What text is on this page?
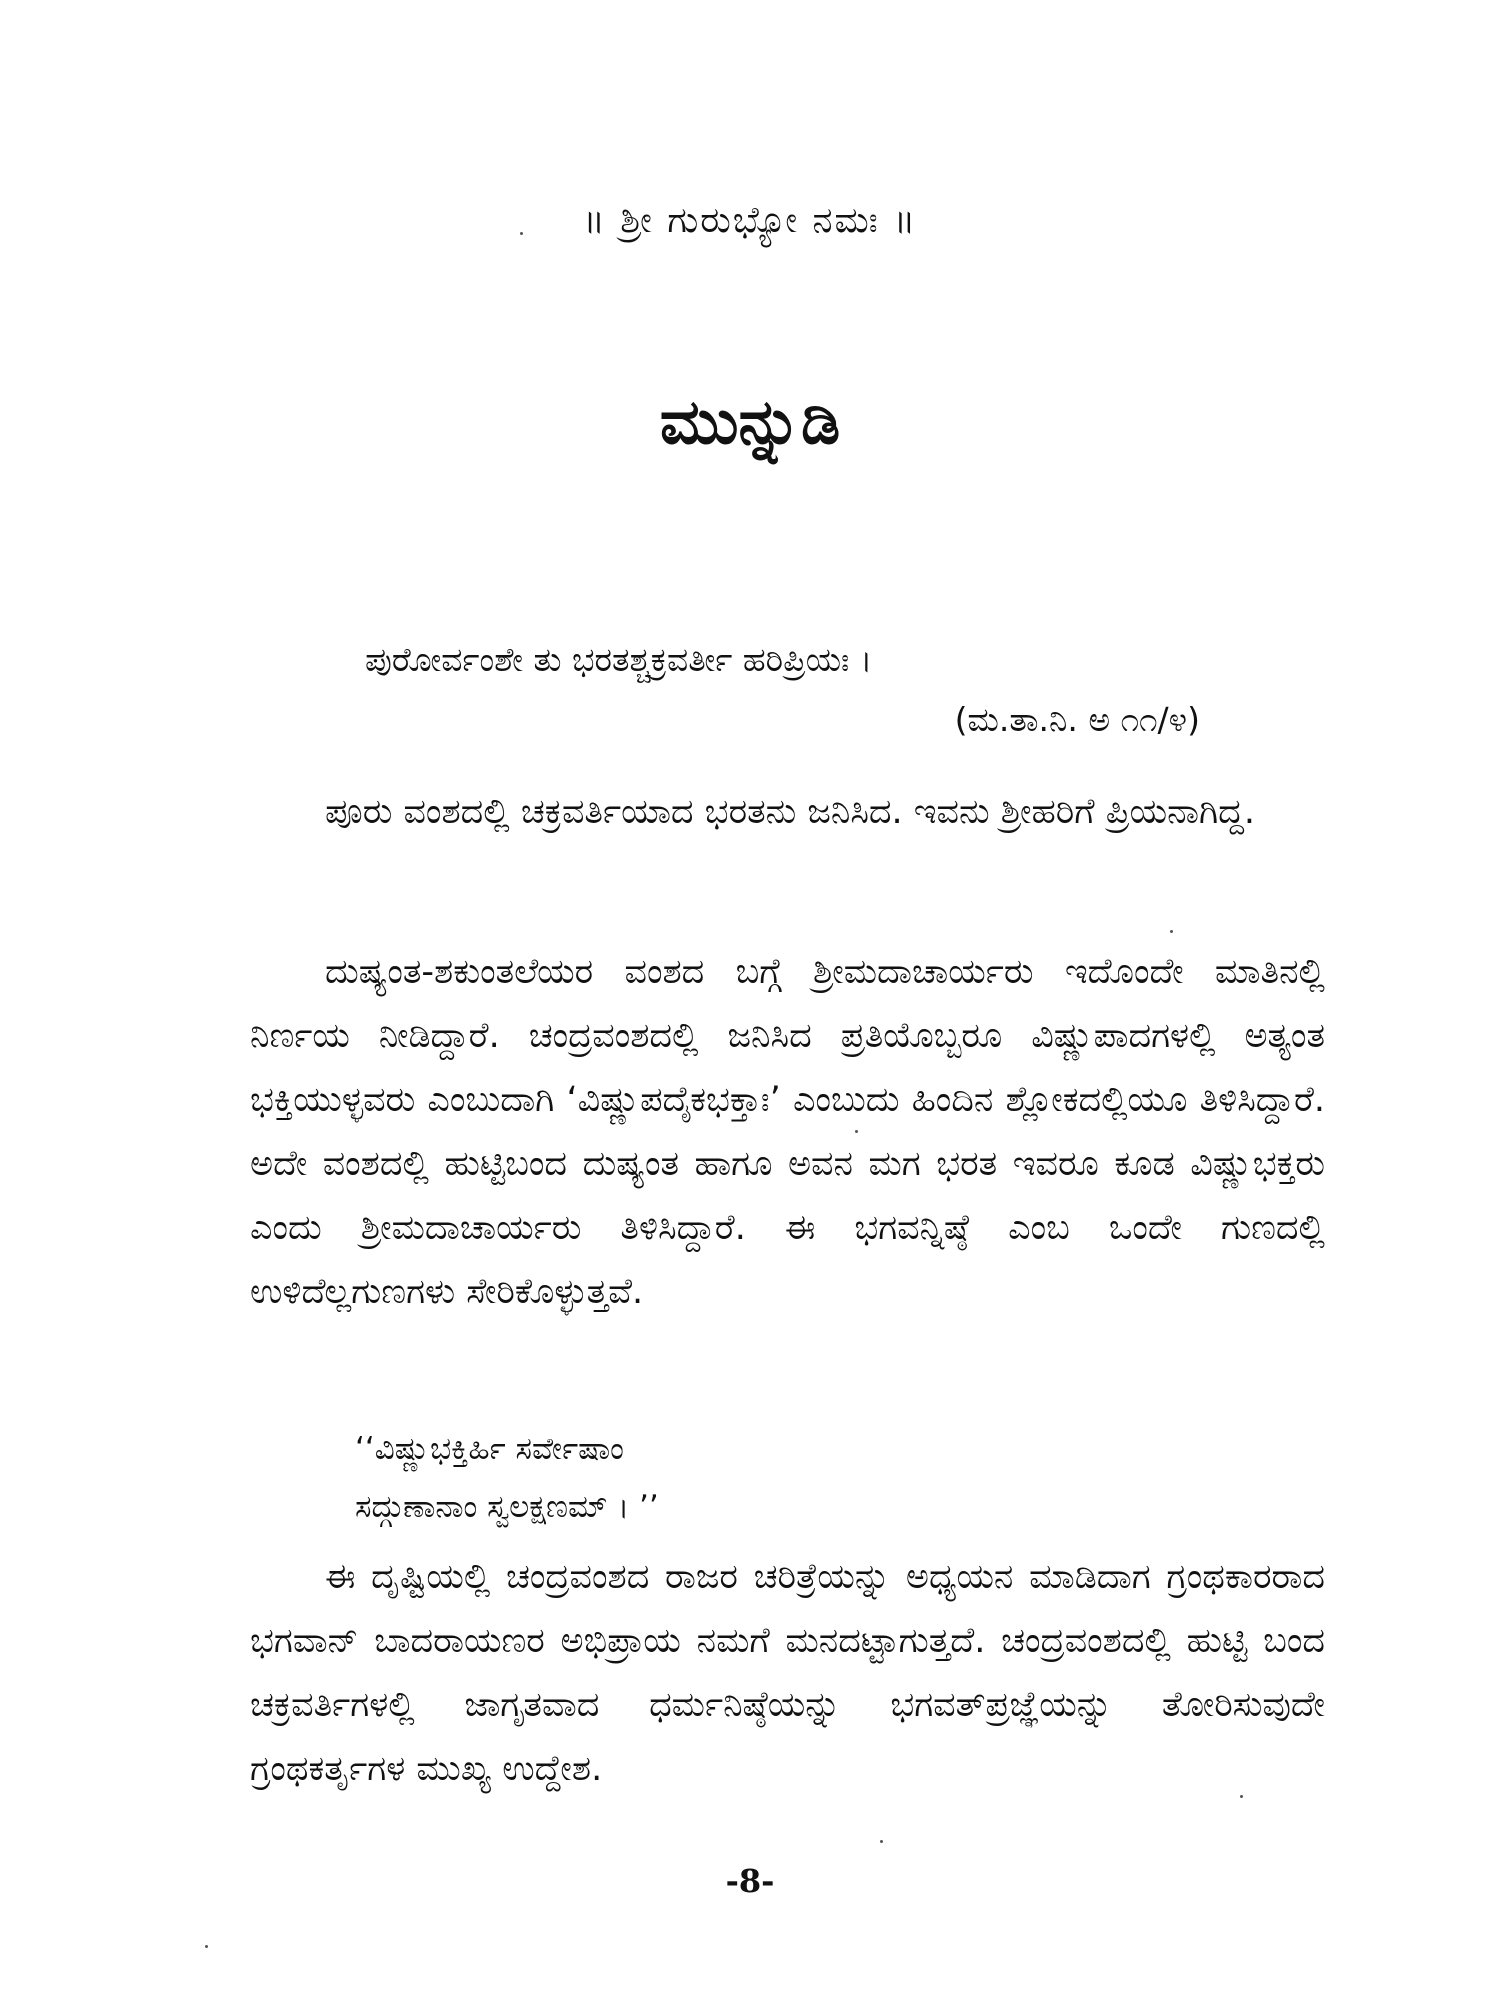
॥ ಶ್ರೀ ಗುರುಭ್ಯೋ ನಮಃ ॥
ಮುನ್ನುಡಿ
ಪುರೋರ್ವಂಶೇ ತು ಭರತಶ್ಚಕ್ರವರ್ತೀ ಹರಿಪ್ರಿಯಃ ।
(ಮ.ತಾ.ನಿ. ಅ ೧೧/೪)

ಪೂರು ವಂಶದಲ್ಲಿ ಚಕ್ರವರ್ತಿಯಾದ ಭರತನು ಜನಿಸಿದ. ಇವನು ಶ್ರೀಹರಿಗೆ ಪ್ರಿಯನಾಗಿದ್ದ.

ದುಷ್ಯಂತ-ಶಕುಂತಲೆಯರ ವಂಶದ ಬಗ್ಗೆ ಶ್ರೀಮದಾಚಾರ್ಯರು ಇದೊಂದೇ ಮಾತಿನಲ್ಲಿ ನಿರ್ಣಯ ನೀಡಿದ್ದಾರೆ. ಚಂದ್ರವಂಶದಲ್ಲಿ ಜನಿಸಿದ ಪ್ರತಿಯೊಬ್ಬರೂ ವಿಷ್ಣುಪಾದಗಳಲ್ಲಿ ಅತ್ಯಂತ ಭಕ್ತಿಯುಳ್ಳವರು ಎಂಬುದಾಗಿ ‘ವಿಷ್ಣುಪದೈಕಭಕ್ತಾಃ’ ಎಂಬುದು ಹಿಂದಿನ ಶ್ಲೋಕದಲ್ಲಿಯೂ ತಿಳಿಸಿದ್ದಾರೆ. ಅದೇ ವಂಶದಲ್ಲಿ ಹುಟ್ಟಿಬಂದ ದುಷ್ಯಂತ ಹಾಗೂ ಅವನ ಮಗ ಭರತ ಇವರೂ ಕೂಡ ವಿಷ್ಣುಭಕ್ತರು ಎಂದು ಶ್ರೀಮದಾಚಾರ್ಯರು ತಿಳಿಸಿದ್ದಾರೆ. ಈ ಭಗವನ್ನಿಷ್ಠೆ ಎಂಬ ಒಂದೇ ಗುಣದಲ್ಲಿ ಉಳಿದೆಲ್ಲಗುಣಗಳು ಸೇರಿಕೊಳ್ಳುತ್ತವೆ.

‘‘ವಿಷ್ಣುಭಕ್ತಿರ್ಹಿ ಸರ್ವೇಷಾಂ
ಸದ್ಗುಣಾನಾಂ ಸ್ವಲಕ್ಷಣಮ್ । ’’

ಈ ದೃಷ್ಟಿಯಲ್ಲಿ ಚಂದ್ರವಂಶದ ರಾಜರ ಚರಿತ್ರೆಯನ್ನು ಅಧ್ಯಯನ ಮಾಡಿದಾಗ ಗ್ರಂಥಕಾರರಾದ ಭಗವಾನ್ ಬಾದರಾಯಣರ ಅಭಿಪ್ರಾಯ ನಮಗೆ ಮನದಟ್ಟಾಗುತ್ತದೆ. ಚಂದ್ರವಂಶದಲ್ಲಿ ಹುಟ್ಟಿ ಬಂದ ಚಕ್ರವರ್ತಿಗಳಲ್ಲಿ ಜಾಗೃತವಾದ ಧರ್ಮನಿಷ್ಠೆಯನ್ನು ಭಗವತ್‌ಪ್ರಜ್ಞೆಯನ್ನು ತೋರಿಸುವುದೇ ಗ್ರಂಥಕರ್ತೃಗಳ ಮುಖ್ಯ ಉದ್ದೇಶ.

-8-
